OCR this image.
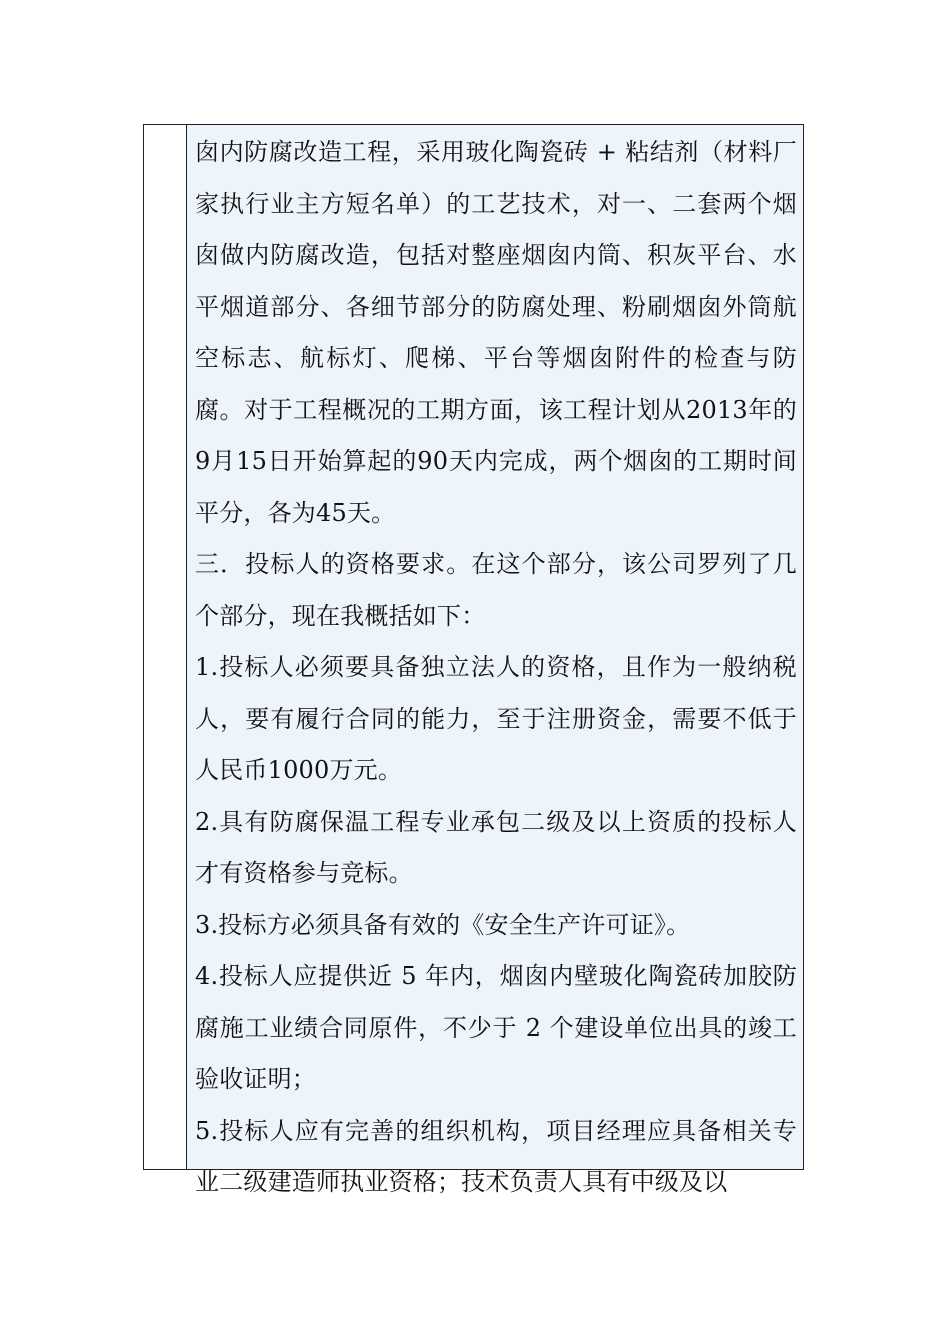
囱内防腐改造工程，采用玻化陶瓷砖 + 粘结剂（材料厂家执行业主方短名单）的工艺技术，对一、二套两个烟囱做内防腐改造，包括对整座烟囱内筒、积灰平台、水平烟道部分、各细节部分的防腐处理、粉刷烟囱外筒航空标志、航标灯、爬梯、平台等烟囱附件的检查与防腐。对于工程概况的工期方面，该工程计划从2013年的9月15日开始算起的90天内完成，两个烟囱的工期时间平分，各为45天。

三．投标人的资格要求。在这个部分，该公司罗列了几个部分，现在我概括如下：

1.投标人必须要具备独立法人的资格，且作为一般纳税人，要有履行合同的能力，至于注册资金，需要不低于人民币1000万元。

2.具有防腐保温工程专业承包二级及以上资质的投标人才有资格参与竞标。

3.投标方必须具备有效的《安全生产许可证》。

4.投标人应提供近 5 年内，烟囱内壁玻化陶瓷砖加胶防腐施工业绩合同原件，不少于 2 个建设单位出具的竣工验收证明；

5.投标人应有完善的组织机构，项目经理应具备相关专业二级建造师执业资格；技术负责人具有中级及以
